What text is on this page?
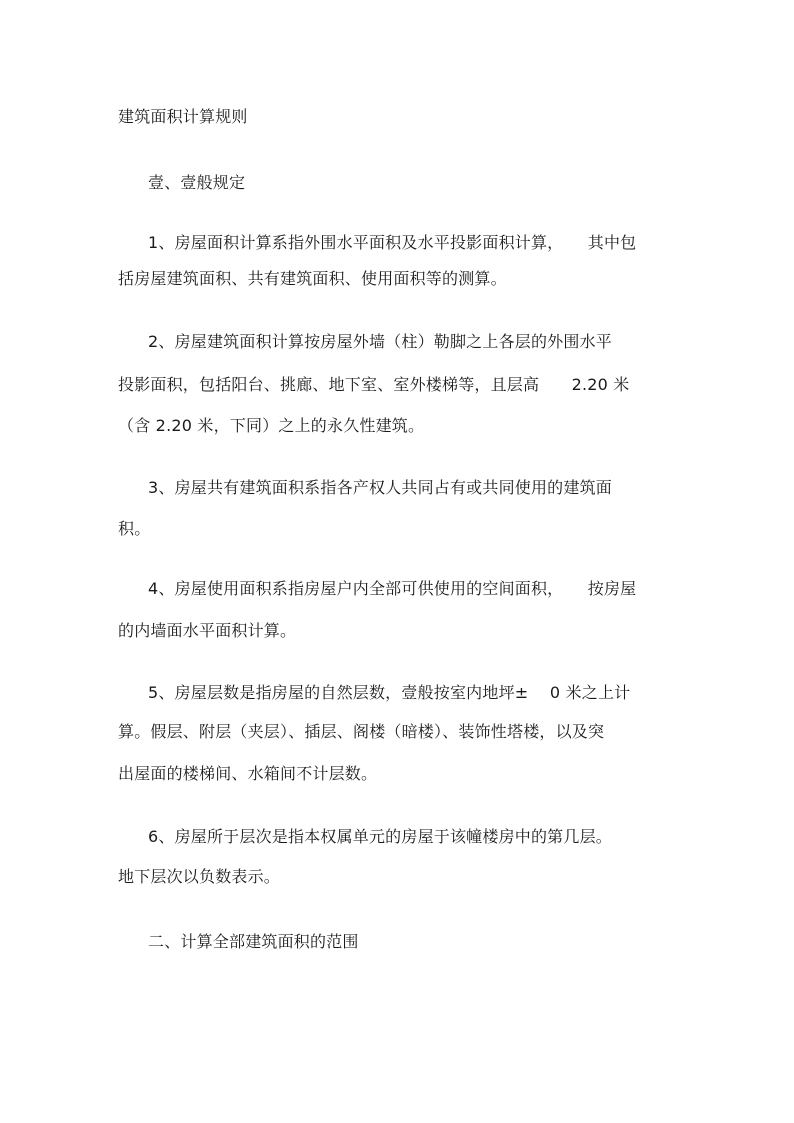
建筑面积计算规则

壹、壹般规定

1、房屋面积计算系指外围水平面积及水平投影面积计算，　　其中包

括房屋建筑面积、共有建筑面积、使用面积等的测算。

2、房屋建筑面积计算按房屋外墙（柱）勒脚之上各层的外围水平

投影面积，包括阳台、挑廊、地下室、室外楼梯等，且层高　　2.20 米

（含 2.20 米，下同）之上的永久性建筑。

3、房屋共有建筑面积系指各产权人共同占有或共同使用的建筑面

积。

4、房屋使用面积系指房屋户内全部可供使用的空间面积，　　按房屋

的内墙面水平面积计算。

5、房屋层数是指房屋的自然层数，壹般按室内地坪±　 0 米之上计

算。假层、附层（夹层）、插层、阁楼（暗楼）、装饰性塔楼，以及突

出屋面的楼梯间、水箱间不计层数。

6、房屋所于层次是指本权属单元的房屋于该幢楼房中的第几层。

地下层次以负数表示。

二、计算全部建筑面积的范围
